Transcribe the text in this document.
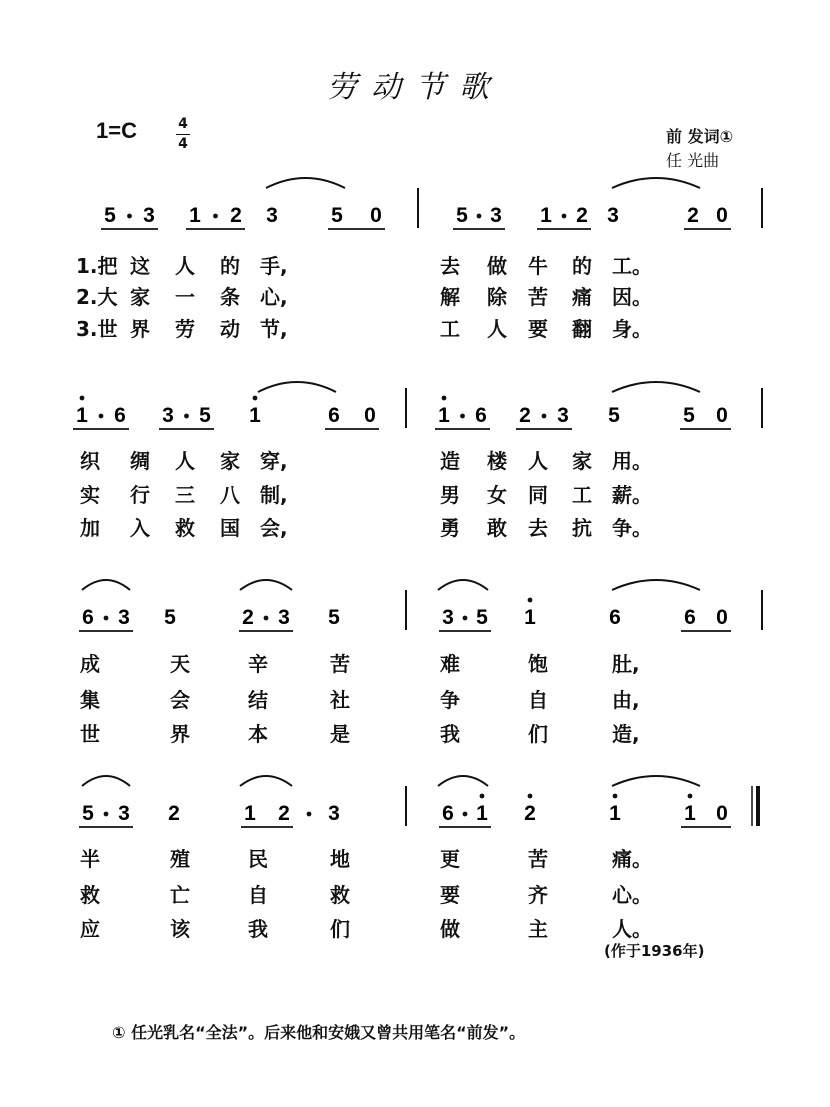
劳动节歌
1=C	4
4	前 发词①
任 光曲
5 3 1 2 3	5 0	5 3 1 2 3	2 0
1 6 3 5 1	6 0	1 6 2 3 5	5 0
6 3 5	2 3 5	3 5 1	6	6 0
5 3 2	1 2 3	6 1 2	1	1 0
1.把 这 人 的 手,	去 做 牛 的 工。
2.大 家 一 条 心,	解 除 苦 痛 因。
3.世 界 劳 动 节,	工 人 要 翻 身。
织 绸 人 家 穿,	造 楼 人 家 用。
实 行 三 八 制,	男 女 同 工 薪。
加 入 救 国 会,	勇 敢 去 抗 争。
成	天	辛	苦	难	饱	肚,
集	会	结	社	争	自	由,
世	界	本	是	我	们	造,
半	殖	民	地	更	苦	痛。
救	亡	自	救	要	齐	心。
应	该	我	们	做	主	人。
(作于1936年)
① 任光乳名“全法”。后来他和安娥又曾共用笔名“前发”。
